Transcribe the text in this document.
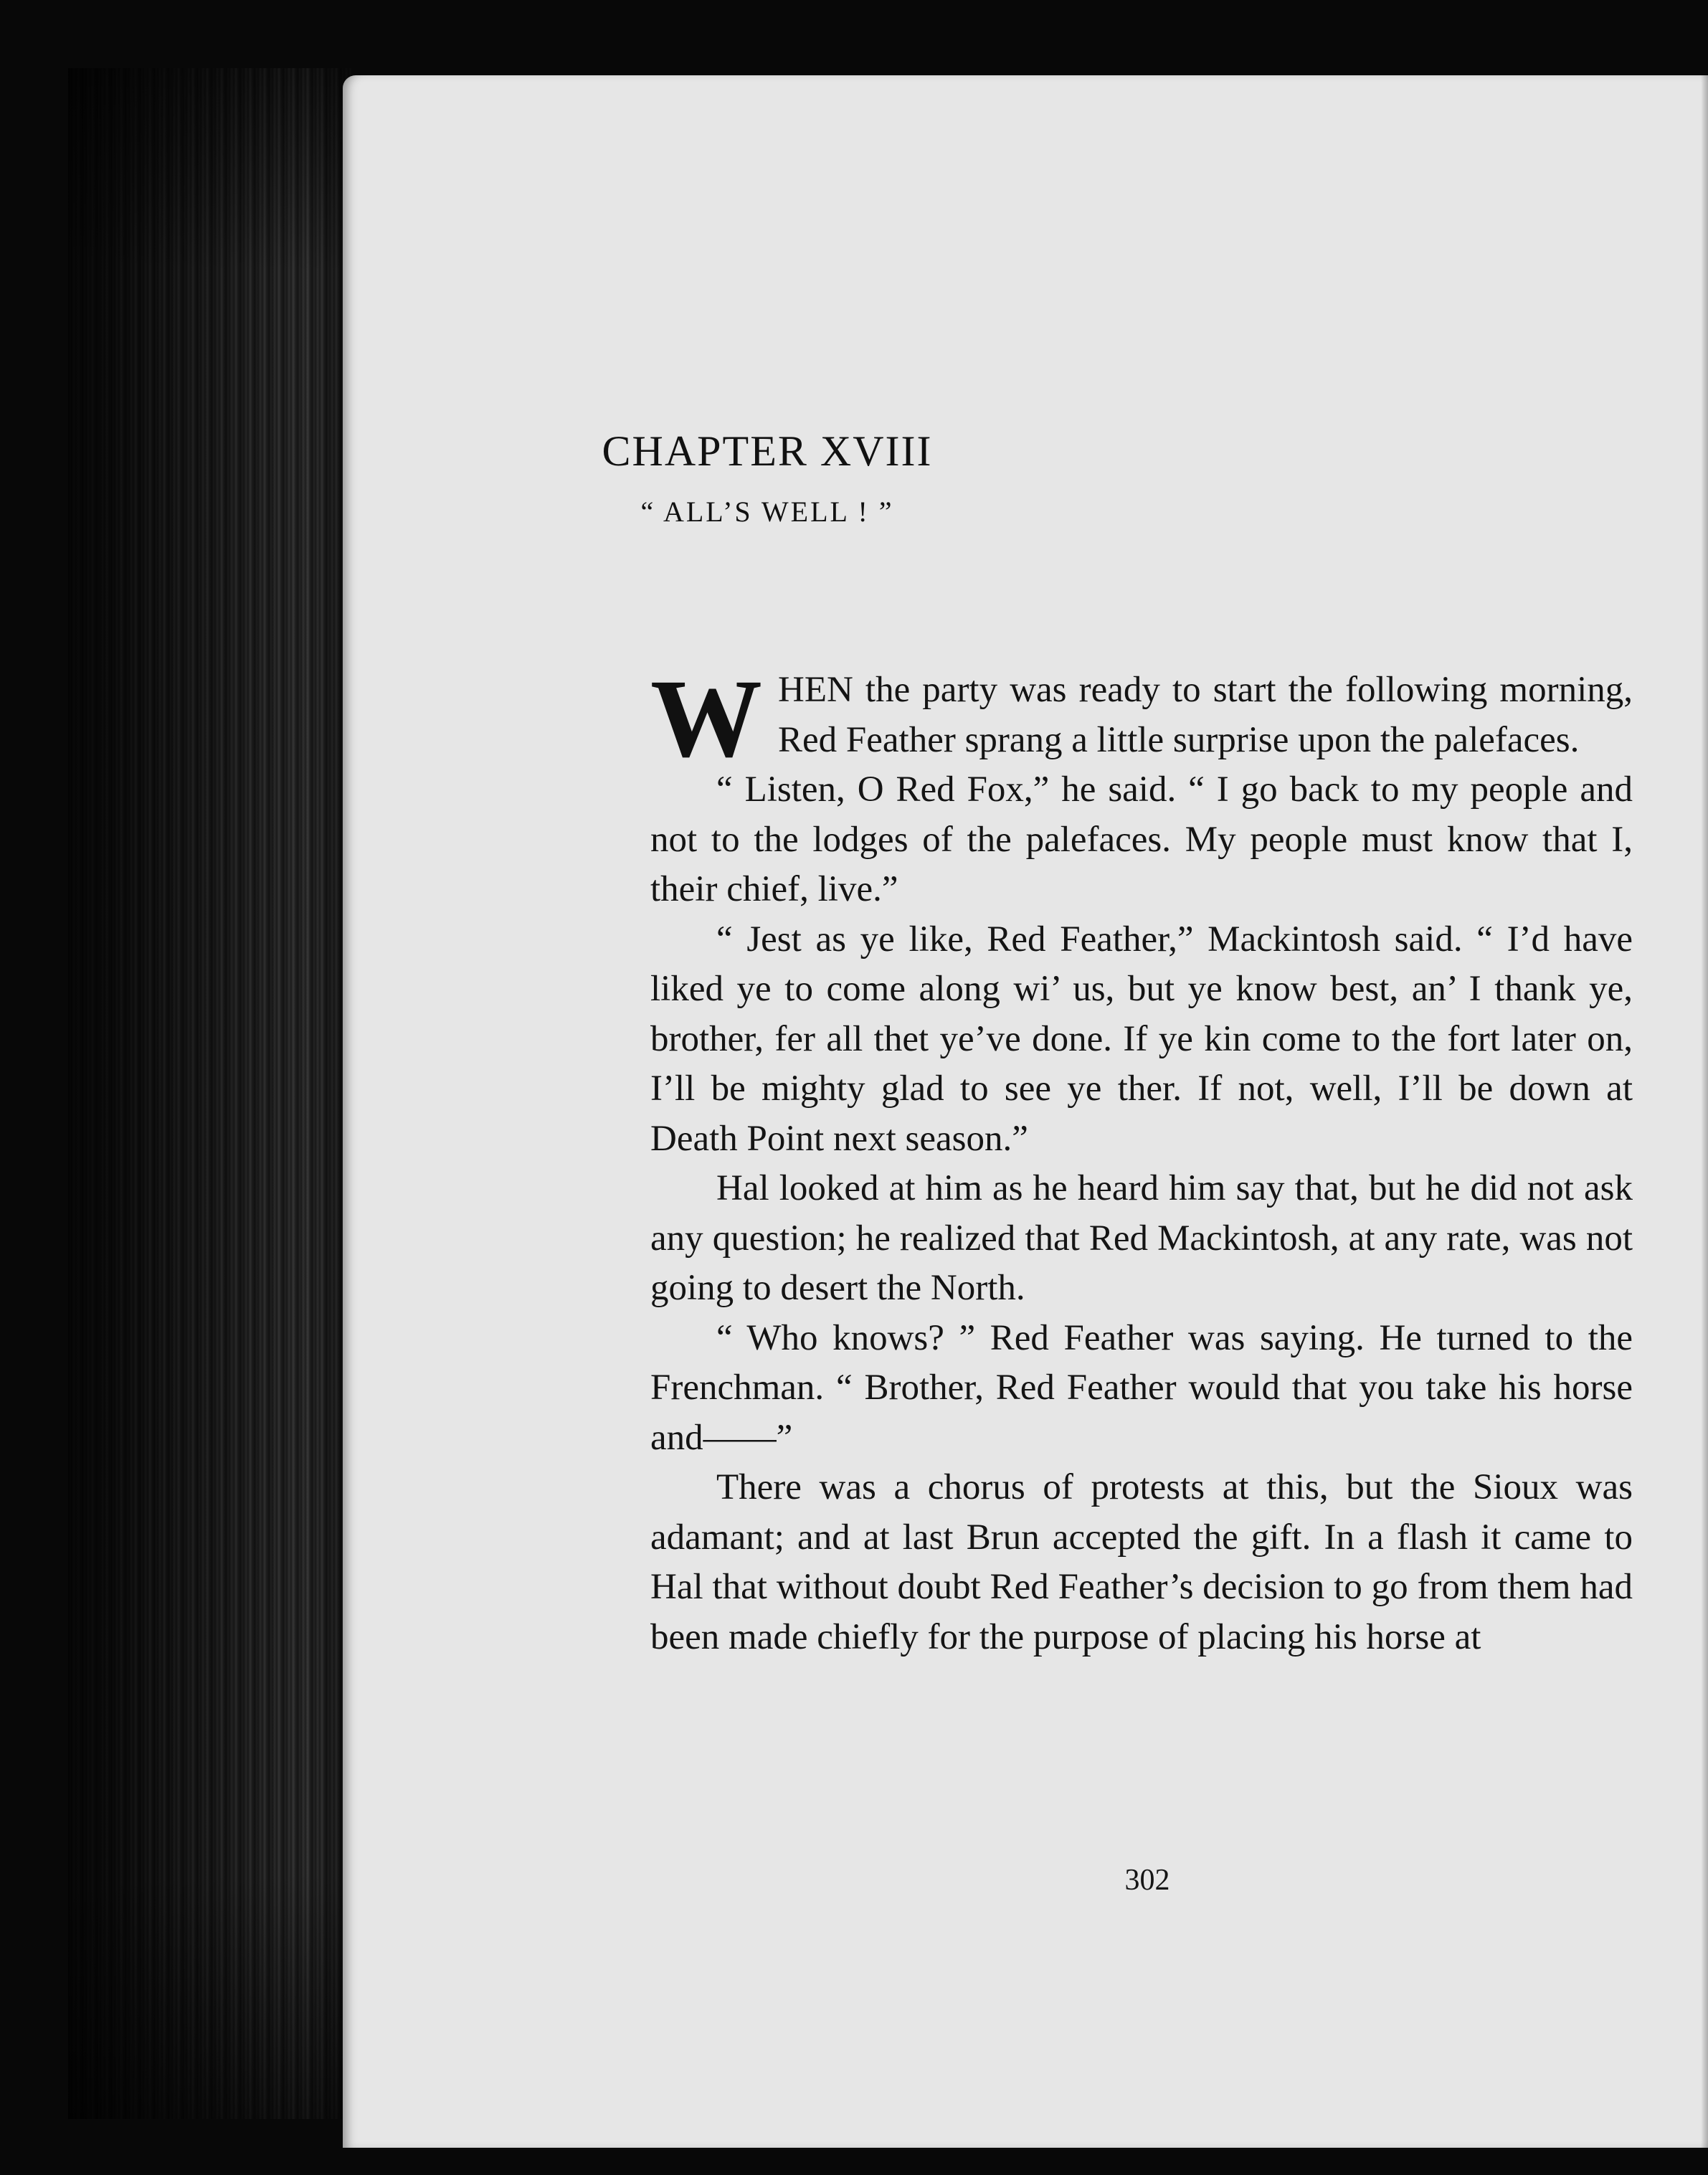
CHAPTER XVIII
“ ALL’S WELL ! ”

WHEN the party was ready to start the following morning, Red Feather sprang a little surprise upon the palefaces.

“ Listen, O Red Fox,” he said. “ I go back to my people and not to the lodges of the palefaces. My people must know that I, their chief, live.”

“ Jest as ye like, Red Feather,” Mackintosh said. “ I’d have liked ye to come along wi’ us, but ye know best, an’ I thank ye, brother, fer all thet ye’ve done. If ye kin come to the fort later on, I’ll be mighty glad to see ye ther. If not, well, I’ll be down at Death Point next season.”

Hal looked at him as he heard him say that, but he did not ask any question; he realized that Red Mackintosh, at any rate, was not going to desert the North.

“ Who knows? ” Red Feather was saying. He turned to the Frenchman. “ Brother, Red Feather would that you take his horse and——”

There was a chorus of protests at this, but the Sioux was adamant; and at last Brun accepted the gift. In a flash it came to Hal that without doubt Red Feather’s decision to go from them had been made chiefly for the purpose of placing his horse at

302
